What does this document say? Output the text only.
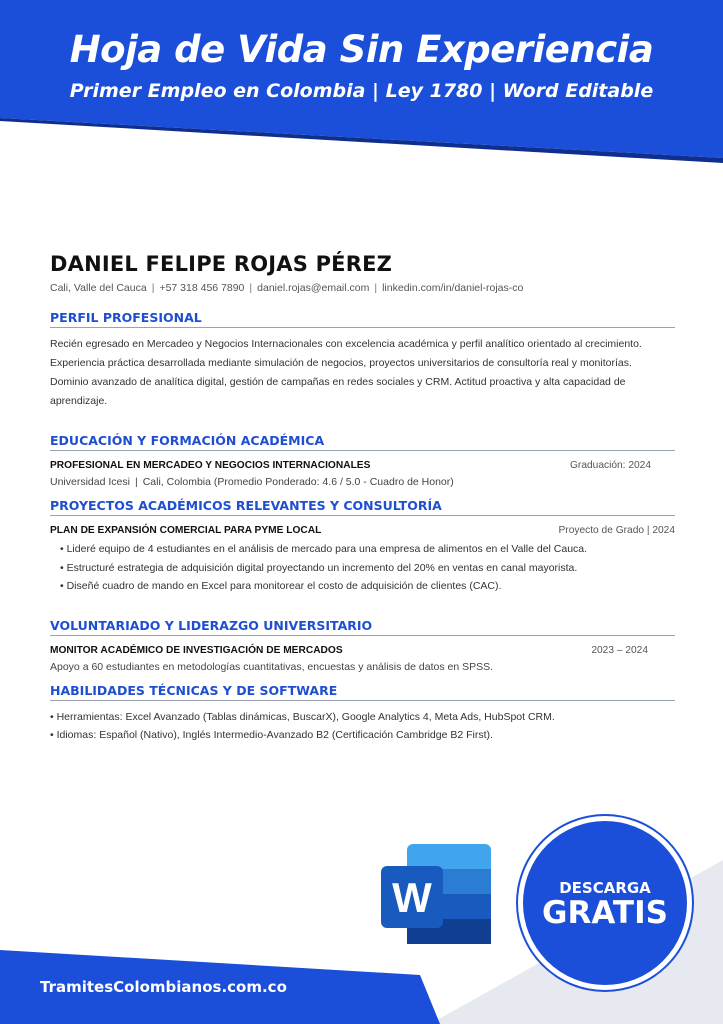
Hoja de Vida Sin Experiencia
Primer Empleo en Colombia | Ley 1780 | Word Editable
DANIEL FELIPE ROJAS PÉREZ
Cali, Valle del Cauca | +57 318 456 7890 | daniel.rojas@email.com | linkedin.com/in/daniel-rojas-co
PERFIL PROFESIONAL
Recién egresado en Mercadeo y Negocios Internacionales con excelencia académica y perfil analítico orientado al crecimiento.
Experiencia práctica desarrollada mediante simulación de negocios, proyectos universitarios de consultoría real y monitorías.
Dominio avanzado de analítica digital, gestión de campañas en redes sociales y CRM. Actitud proactiva y alta capacidad de aprendizaje.
EDUCACIÓN Y FORMACIÓN ACADÉMICA
PROFESIONAL EN MERCADEO Y NEGOCIOS INTERNACIONALES	Graduación: 2024
Universidad Icesi | Cali, Colombia (Promedio Ponderado: 4.6 / 5.0 - Cuadro de Honor)
PROYECTOS ACADÉMICOS RELEVANTES Y CONSULTORÍA
PLAN DE EXPANSIÓN COMERCIAL PARA PYME LOCAL	Proyecto de Grado | 2024
• Lideré equipo de 4 estudiantes en el análisis de mercado para una empresa de alimentos en el Valle del Cauca.
• Estructuré estrategia de adquisición digital proyectando un incremento del 20% en ventas en canal mayorista.
• Diseñé cuadro de mando en Excel para monitorear el costo de adquisición de clientes (CAC).
VOLUNTARIADO Y LIDERAZGO UNIVERSITARIO
MONITOR ACADÉMICO DE INVESTIGACIÓN DE MERCADOS	2023 – 2024
Apoyo a 60 estudiantes en metodologías cuantitativas, encuestas y análisis de datos en SPSS.
HABILIDADES TÉCNICAS Y DE SOFTWARE
• Herramientas: Excel Avanzado (Tablas dinámicas, BuscarX), Google Analytics 4, Meta Ads, HubSpot CRM.
• Idiomas: Español (Nativo), Inglés Intermedio-Avanzado B2 (Certificación Cambridge B2 First).
TramitesColombianos.com.co
W	DESCARGA
GRATIS
